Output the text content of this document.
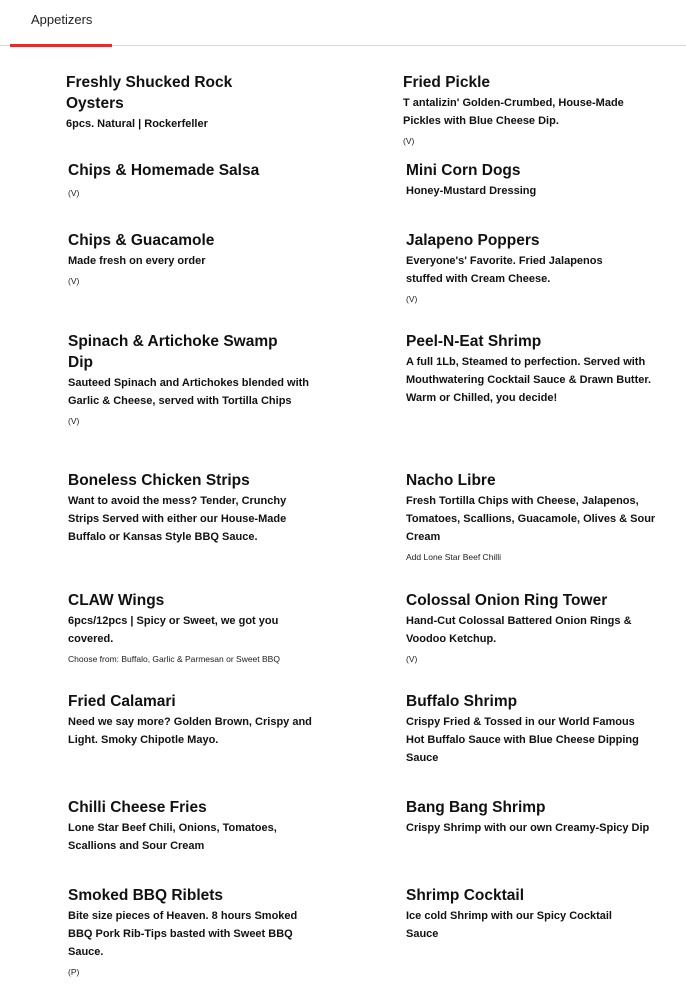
Appetizers
Freshly Shucked Rock Oysters
6pcs. Natural | Rockerfeller
Chips & Homemade Salsa
(V)
Chips & Guacamole
Made fresh on every order
(V)
Spinach & Artichoke Swamp Dip
Sauteed Spinach and Artichokes blended with Garlic & Cheese, served with Tortilla Chips
(V)
Boneless Chicken Strips
Want to avoid the mess? Tender, Crunchy Strips Served with either our House-Made Buffalo or Kansas Style BBQ Sauce.
CLAW Wings
6pcs/12pcs | Spicy or Sweet, we got you covered.
Choose from: Buffalo, Garlic & Parmesan or Sweet BBQ
Fried Calamari
Need we say more? Golden Brown, Crispy and Light. Smoky Chipotle Mayo.
Chilli Cheese Fries
Lone Star Beef Chili, Onions, Tomatoes, Scallions and Sour Cream
Smoked BBQ Riblets
Bite size pieces of Heaven. 8 hours Smoked BBQ Pork Rib-Tips basted with Sweet BBQ Sauce.
(P)
Fried Pickle
T antalizin' Golden-Crumbed, House-Made Pickles with Blue Cheese Dip.
(V)
Mini Corn Dogs
Honey-Mustard Dressing
Jalapeno Poppers
Everyone's' Favorite. Fried Jalapenos stuffed with Cream Cheese.
(V)
Peel-N-Eat Shrimp
A full 1Lb, Steamed to perfection. Served with Mouthwatering Cocktail Sauce & Drawn Butter. Warm or Chilled, you decide!
Nacho Libre
Fresh Tortilla Chips with Cheese, Jalapenos, Tomatoes, Scallions, Guacamole, Olives & Sour Cream
Add Lone Star Beef Chilli
Colossal Onion Ring Tower
Hand-Cut Colossal Battered Onion Rings & Voodoo Ketchup.
(V)
Buffalo Shrimp
Crispy Fried & Tossed in our World Famous Hot Buffalo Sauce with Blue Cheese Dipping Sauce
Bang Bang Shrimp
Crispy Shrimp with our own Creamy-Spicy Dip
Shrimp Cocktail
Ice cold Shrimp with our Spicy Cocktail Sauce
